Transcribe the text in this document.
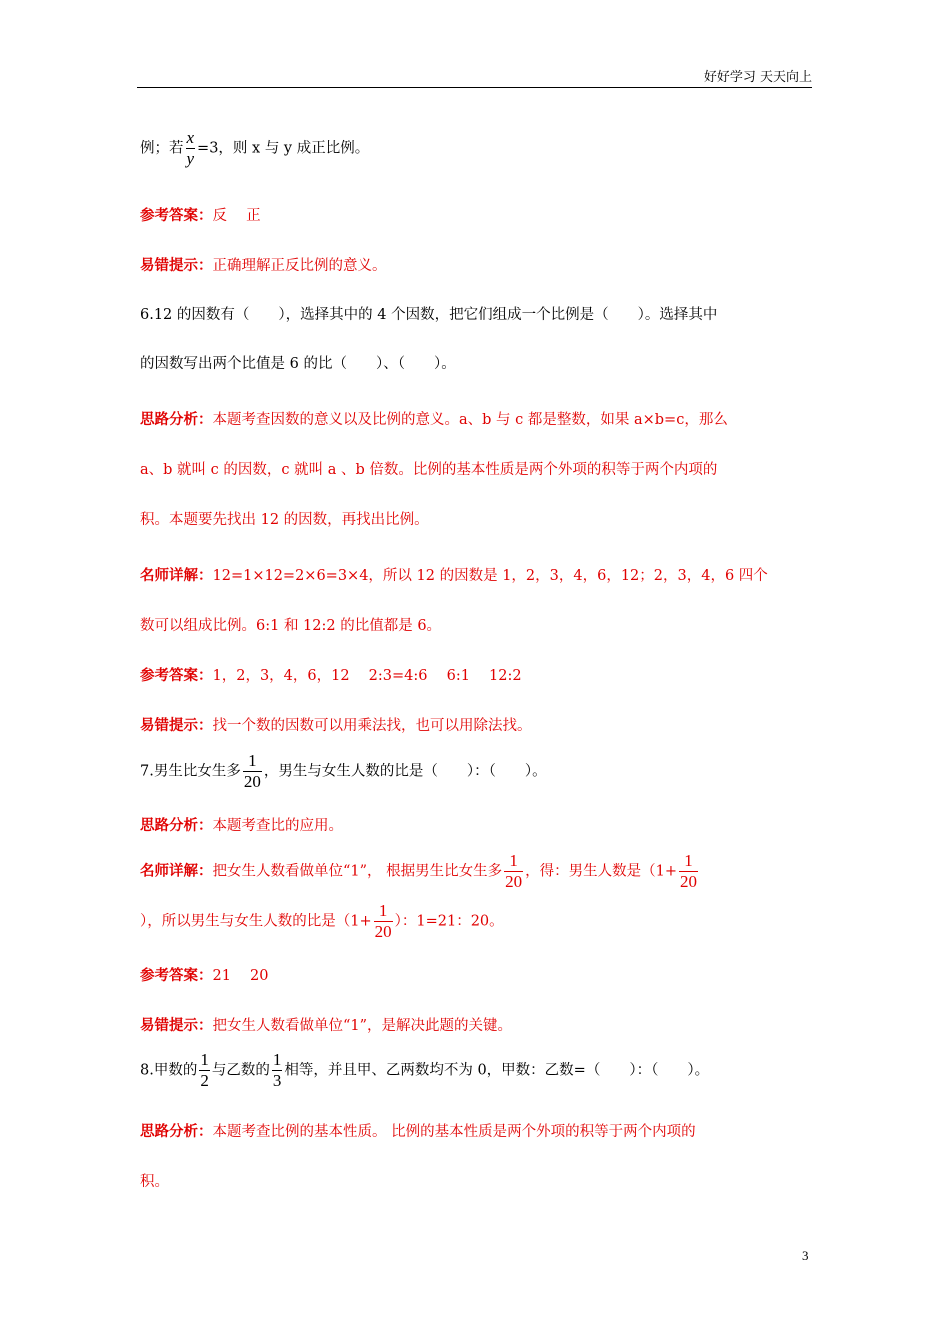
好好学习 天天向上
例；若 $\frac{x}{y} =3$，则 x 与 y 成正比例。
参考答案：反　 正
易错提示：正确理解正反比例的意义。
6.12 的因数有（　　），选择其中的 4 个因数，把它们组成一个比例是（　　）。选择其中
的因数写出两个比值是 6 的比（　　）、（　　）。
思路分析：本题考查因数的意义以及比例的意义。a、b 与 c 都是整数，如果 a×b=c，那么
a、b 就叫 c 的因数，c 就叫 a 、b 倍数。比例的基本性质是两个外项的积等于两个内项的
积。本题要先找出 12 的因数，再找出比例。
名师详解：12=1×12=2×6=3×4，所以 12 的因数是 1，2，3，4，6，12；2，3，4，6 四个
数可以组成比例。6:1 和 12:2 的比值都是 6。
参考答案：1，2，3，4，6，12　 2:3=4:6　 6:1　 12:2
易错提示：找一个数的因数可以用乘法找，也可以用除法找。
7.男生比女生多 $\frac{1}{20}$ ，男生与女生人数的比是（　　）：（　　）。
思路分析：本题考查比的应用。
名师详解：把女生人数看做单位“1”， 根据男生比女生多 $\frac{1}{20}$ ，得：男生人数是（$1+ \frac{1}{20}$
），所以男生与女生人数的比是（$1+ \frac{1}{20}$ ）：1=21：20。
参考答案：21　 20
易错提示：把女生人数看做单位“1”，是解决此题的关键。
8.甲数的 $\frac{1}{2}$ 与乙数的 $\frac{1}{3}$ 相等，并且甲、乙两数均不为 0，甲数：乙数=（　　）：（　　）。
思路分析：本题考查比例的基本性质。 比例的基本性质是两个外项的积等于两个内项的
积。
3
